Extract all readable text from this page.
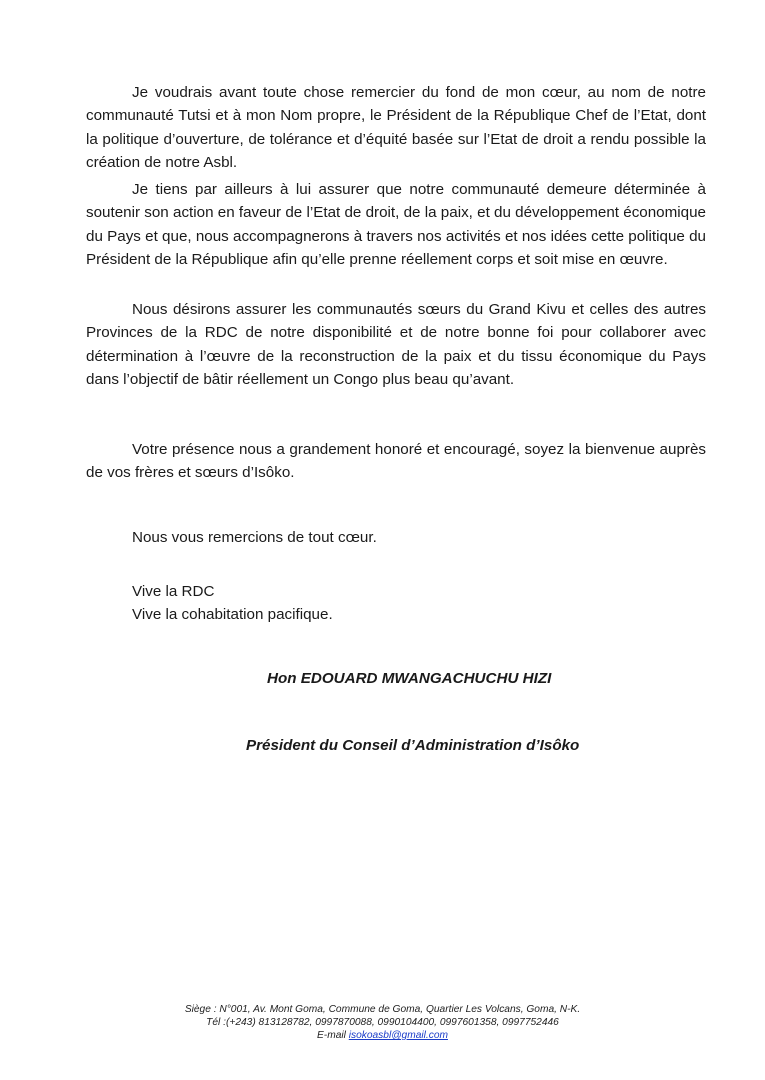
Je voudrais avant toute chose remercier du fond de mon cœur, au nom de notre communauté Tutsi et à mon Nom propre, le Président de la République Chef de l’Etat, dont la politique d’ouverture, de tolérance et d’équité basée sur l’Etat de droit a rendu possible la création de notre Asbl.

Je tiens par ailleurs à lui assurer que notre communauté demeure déterminée à soutenir son action en faveur de l’Etat de droit, de la paix, et du développement économique du Pays et que, nous accompagnerons à travers nos activités et nos idées cette politique du Président de la République afin qu’elle prenne réellement corps et soit mise en œuvre.

Nous désirons assurer les communautés sœurs du Grand Kivu et celles des autres Provinces de la RDC de notre disponibilité et de notre bonne foi pour collaborer avec détermination à l’œuvre de la reconstruction de la paix et du tissu économique du Pays dans l’objectif de bâtir réellement un Congo plus beau qu’avant.

Votre présence nous a grandement honoré et encouragé, soyez la bienvenue auprès de vos frères et sœurs d’Isôko.

Nous vous remercions de tout cœur.

Vive la RDC

Vive la cohabitation pacifique.

Hon EDOUARD MWANGACHUCHU HIZI

Président du Conseil d’Administration d’Isôko

Siège : N°001, Av. Mont Goma, Commune de Goma, Quartier Les Volcans, Goma, N-K.
Tél :(+243) 813128782, 0997870088, 0990104400, 0997601358, 0997752446
E-mail isokoasbl@gmail.com
